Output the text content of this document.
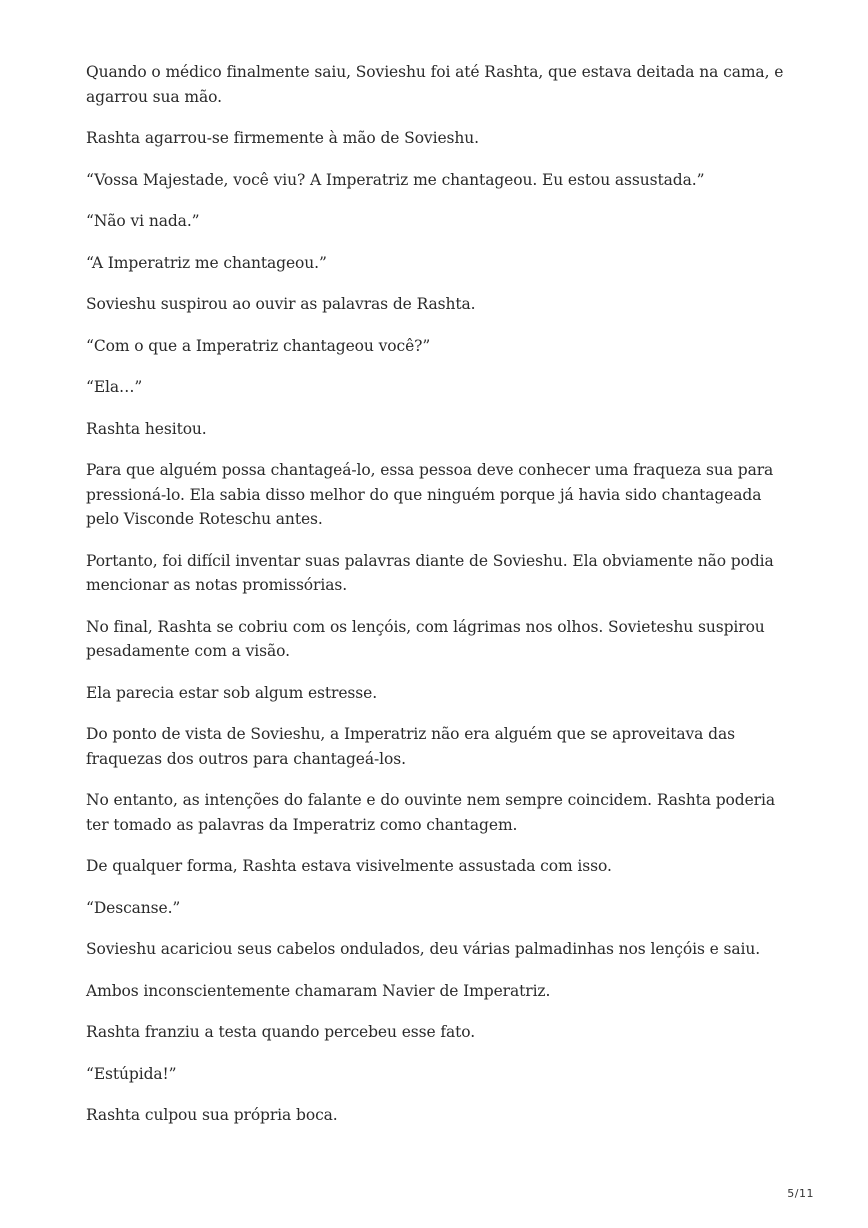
Quando o médico finalmente saiu, Sovieshu foi até Rashta, que estava deitada na cama, e agarrou sua mão.

Rashta agarrou-se firmemente à mão de Sovieshu.

“Vossa Majestade, você viu? A Imperatriz me chantageou. Eu estou assustada.”

“Não vi nada.”

“A Imperatriz me chantageou.”

Sovieshu suspirou ao ouvir as palavras de Rashta.

“Com o que a Imperatriz chantageou você?”

“Ela…”

Rashta hesitou.

Para que alguém possa chantageá-lo, essa pessoa deve conhecer uma fraqueza sua para pressioná-lo. Ela sabia disso melhor do que ninguém porque já havia sido chantageada pelo Visconde Roteschu antes.

Portanto, foi difícil inventar suas palavras diante de Sovieshu. Ela obviamente não podia mencionar as notas promissórias.

No final, Rashta se cobriu com os lençóis, com lágrimas nos olhos. Sovieteshu suspirou pesadamente com a visão.

Ela parecia estar sob algum estresse.

Do ponto de vista de Sovieshu, a Imperatriz não era alguém que se aproveitava das fraquezas dos outros para chantageá-los.

No entanto, as intenções do falante e do ouvinte nem sempre coincidem. Rashta poderia ter tomado as palavras da Imperatriz como chantagem.

De qualquer forma, Rashta estava visivelmente assustada com isso.

“Descanse.”

Sovieshu acariciou seus cabelos ondulados, deu várias palmadinhas nos lençóis e saiu.

Ambos inconscientemente chamaram Navier de Imperatriz.

Rashta franziu a testa quando percebeu esse fato.

“Estúpida!”

Rashta culpou sua própria boca.

5/11
